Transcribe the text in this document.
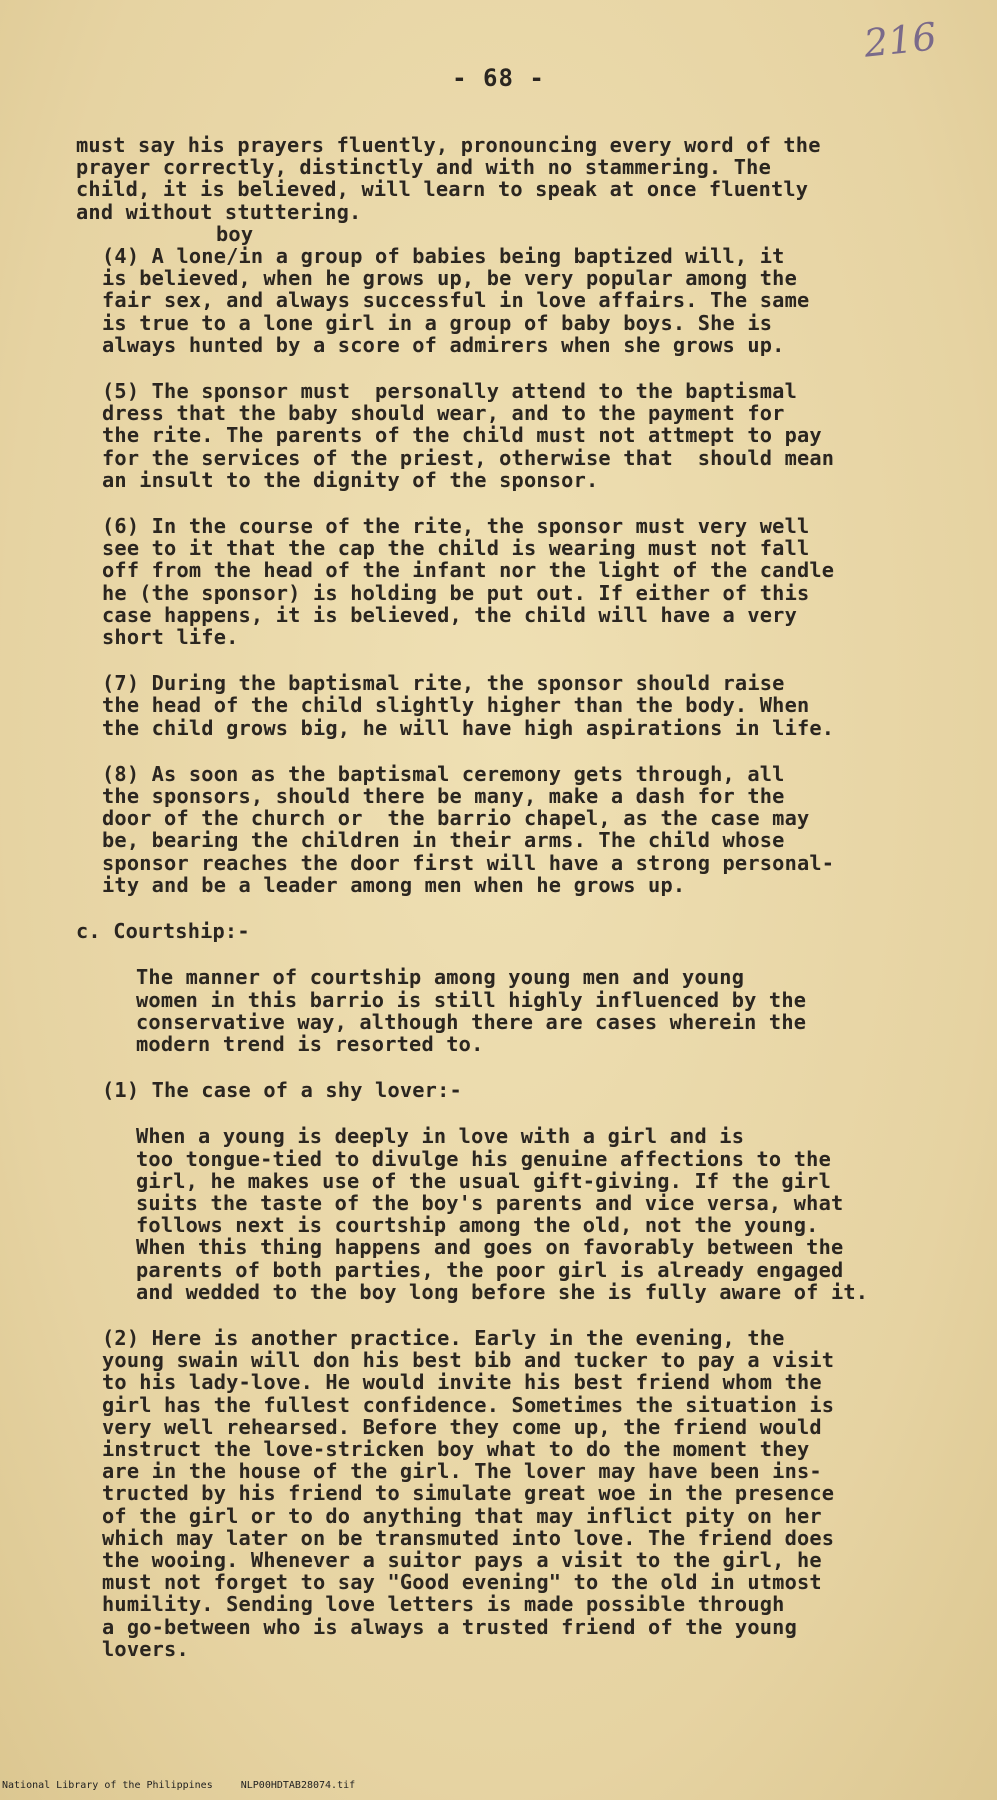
216
- 68 -

must say his prayers fluently, pronouncing every word of the
prayer correctly, distinctly and with no stammering. The
child, it is believed, will learn to speak at once fluently
and without stuttering.

boy

(4) A lone/in a group of babies being baptized will, it
is believed, when he grows up, be very popular among the
fair sex, and always successful in love affairs. The same
is true to a lone girl in a group of baby boys. She is
always hunted by a score of admirers when she grows up.

(5) The sponsor must  personally attend to the baptismal
dress that the baby should wear, and to the payment for
the rite. The parents of the child must not attmept to pay
for the services of the priest, otherwise that  should mean
an insult to the dignity of the sponsor.

(6) In the course of the rite, the sponsor must very well
see to it that the cap the child is wearing must not fall
off from the head of the infant nor the light of the candle
he (the sponsor) is holding be put out. If either of this
case happens, it is believed, the child will have a very
short life.

(7) During the baptismal rite, the sponsor should raise
the head of the child slightly higher than the body. When
the child grows big, he will have high aspirations in life.

(8) As soon as the baptismal ceremony gets through, all
the sponsors, should there be many, make a dash for the
door of the church or  the barrio chapel, as the case may
be, bearing the children in their arms. The child whose
sponsor reaches the door first will have a strong personal-
ity and be a leader among men when he grows up.

c. Courtship:-

The manner of courtship among young men and young
women in this barrio is still highly influenced by the
conservative way, although there are cases wherein the
modern trend is resorted to.

(1) The case of a shy lover:-

When a young is deeply in love with a girl and is
too tongue-tied to divulge his genuine affections to the
girl, he makes use of the usual gift-giving. If the girl
suits the taste of the boy's parents and vice versa, what
follows next is courtship among the old, not the young.
When this thing happens and goes on favorably between the
parents of both parties, the poor girl is already engaged
and wedded to the boy long before she is fully aware of it.

(2) Here is another practice. Early in the evening, the
young swain will don his best bib and tucker to pay a visit
to his lady-love. He would invite his best friend whom the
girl has the fullest confidence. Sometimes the situation is
very well rehearsed. Before they come up, the friend would
instruct the love-stricken boy what to do the moment they
are in the house of the girl. The lover may have been ins-
tructed by his friend to simulate great woe in the presence
of the girl or to do anything that may inflict pity on her
which may later on be transmuted into love. The friend does
the wooing. Whenever a suitor pays a visit to the girl, he
must not forget to say "Good evening" to the old in utmost
humility. Sending love letters is made possible through
a go-between who is always a trusted friend of the young
lovers.

National Library of the Philippines	NLP00HDTAB28074.tif
